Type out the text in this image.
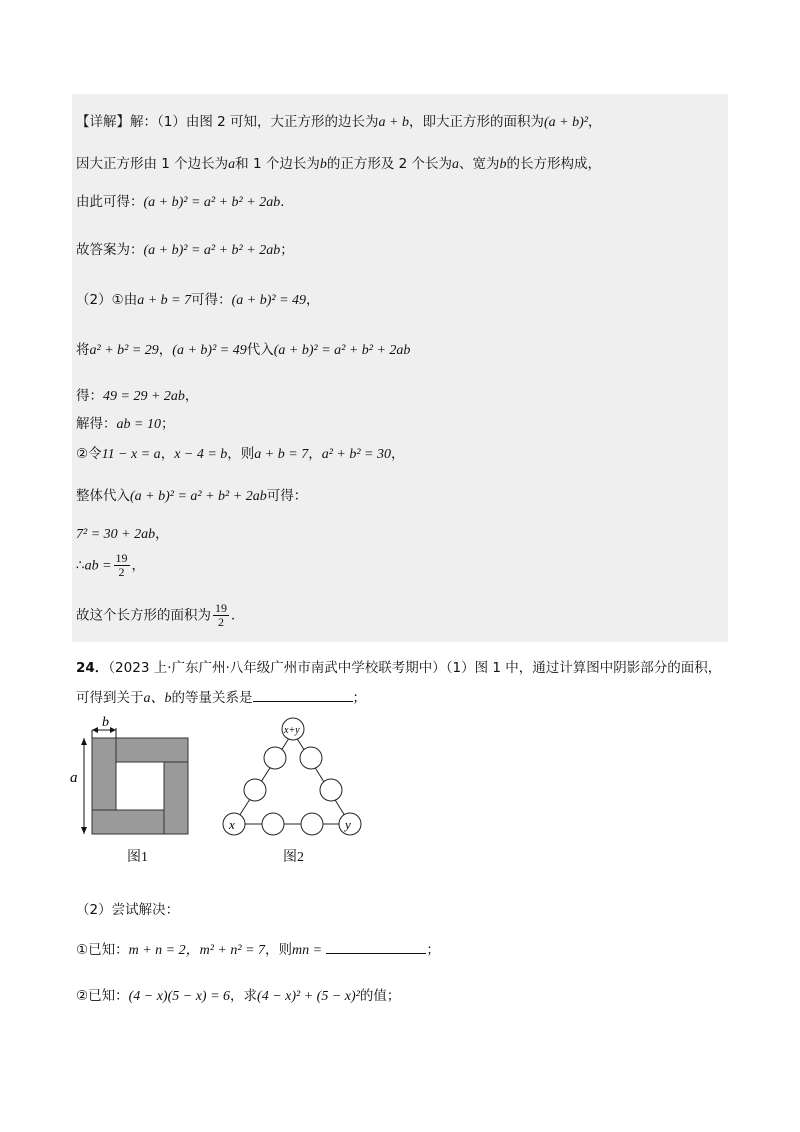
【详解】解：（1）由图 2 可知，大正方形的边长为a + b，即大正方形的面积为(a + b)²，
因大正方形由 1 个边长为a和 1 个边长为b的正方形及 2 个长为a、宽为b的长方形构成，
由此可得：(a + b)² = a² + b² + 2ab．
故答案为：(a + b)² = a² + b² + 2ab；
（2）①由a + b = 7可得：(a + b)² = 49，
将a² + b² = 29，(a + b)² = 49代入(a + b)² = a² + b² + 2ab
得：49 = 29 + 2ab，
解得：ab = 10；
②令11 − x = a，x − 4 = b，则a + b = 7，a² + b² = 30，
整体代入(a + b)² = a² + b² + 2ab可得：
7² = 30 + 2ab，
∴ab = $\frac{19}{2}$ ，
故这个长方形的面积为 $\frac{19}{2}$ ．
24．（2023 上·广东广州·八年级广州市南武中学校联考期中）（1）图 1 中，通过计算图中阴影部分的面积，
可得到关于a、b的等量关系是	；
b
a
图1
x+y
x	y
图2
（2）尝试解决：
①已知：m + n = 2，m² + n² = 7，则mn =	；
②已知：(4 − x)(5 − x) = 6，求(4 − x)² + (5 − x)²的值；
